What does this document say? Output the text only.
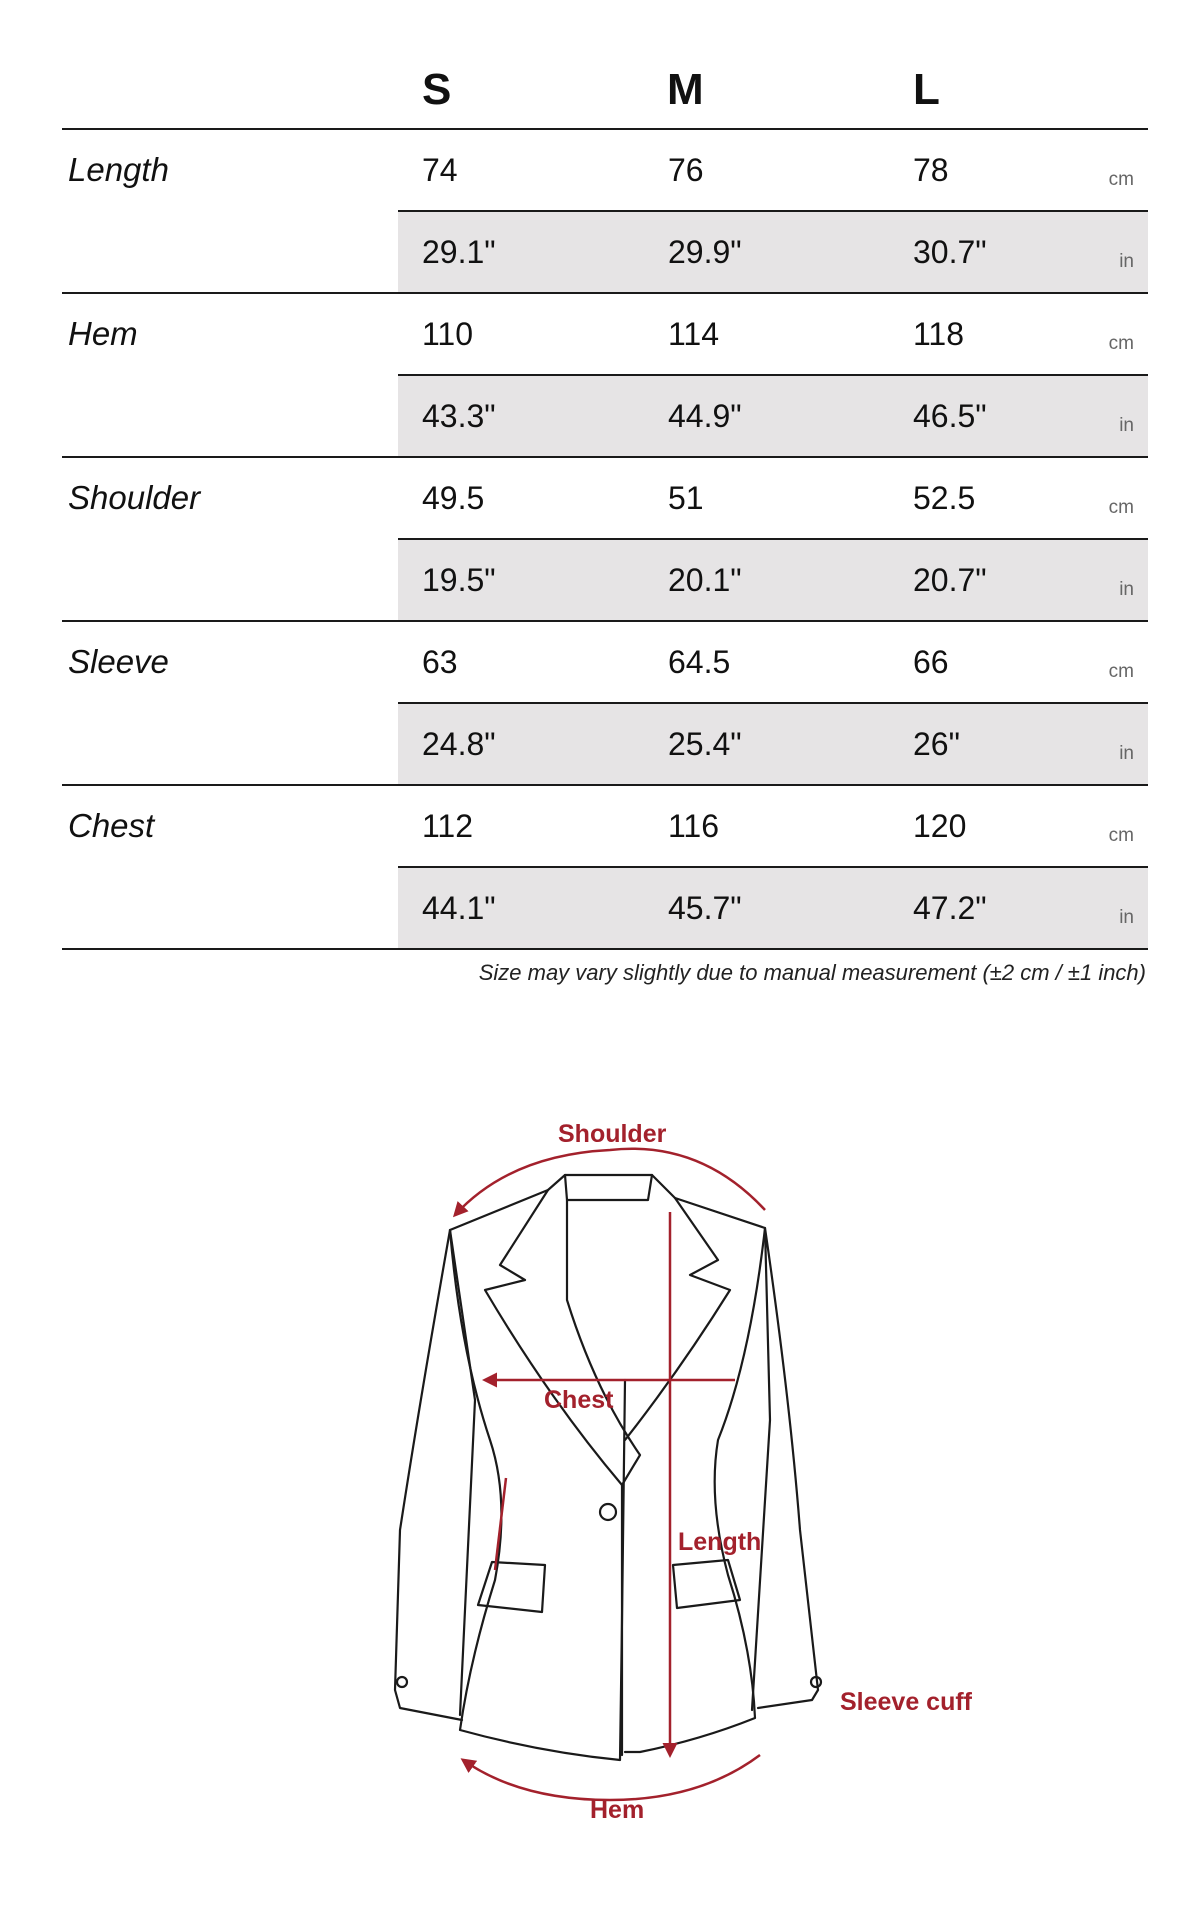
S	M	L
Length	74	76	78	cm
29.1"	29.9"	30.7"	in
Hem	110	114	118	cm
43.3"	44.9"	46.5"	in
Shoulder	49.5	51	52.5	cm
19.5"	20.1"	20.7"	in
Sleeve	63	64.5	66	cm
24.8"	25.4"	26"	in
Chest	112	116	120	cm
44.1"	45.7"	47.2"	in
Size may vary slightly due to manual measurement (±2 cm / ±1 inch)
Shoulder
Chest
Length
Sleeve cuff
Hem
